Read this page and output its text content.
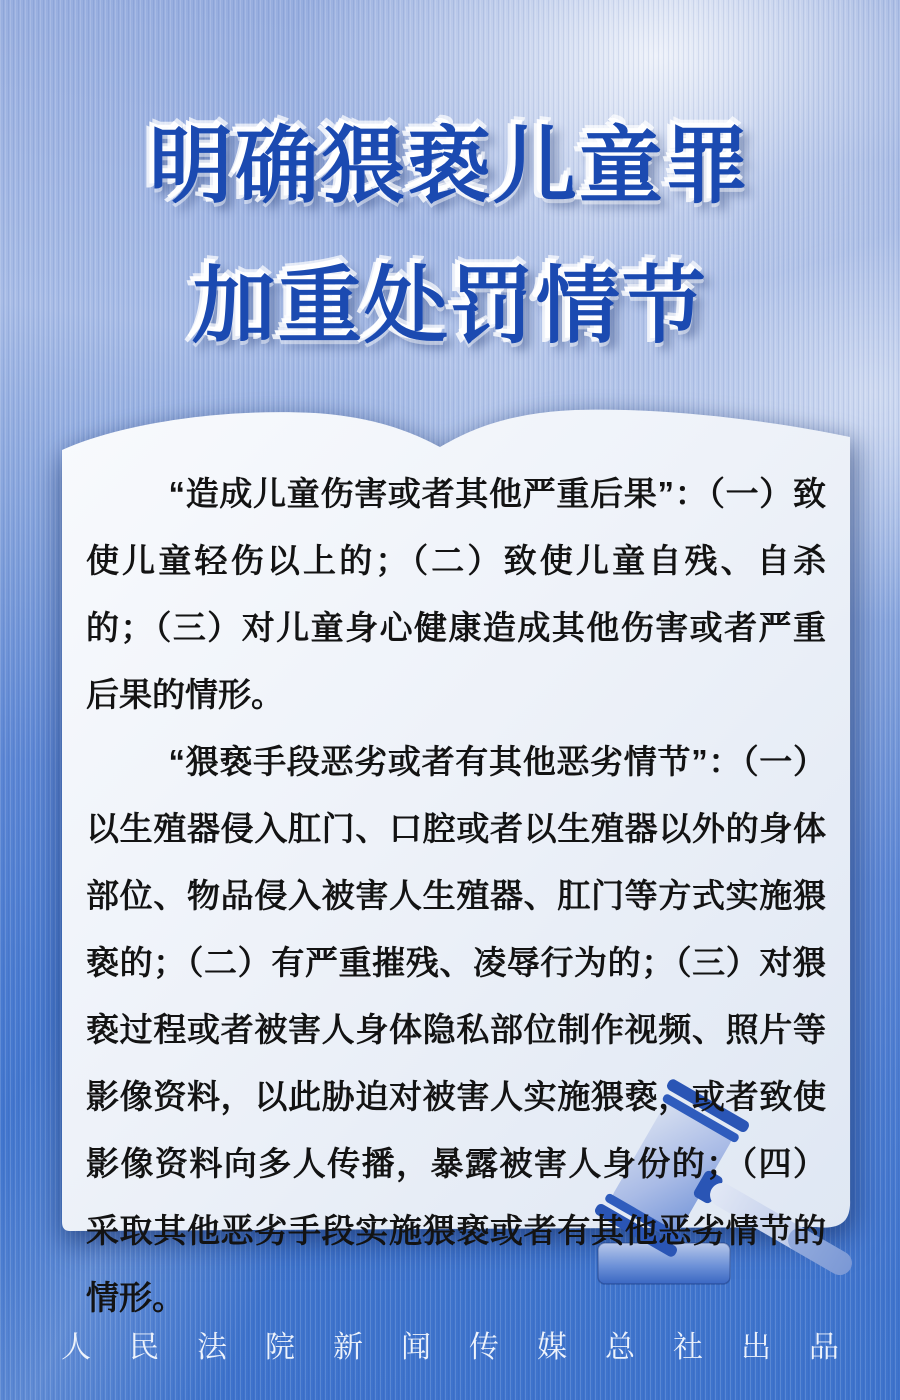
明确猥亵儿童罪
加重处罚情节

“造成儿童伤害或者其他严重后果”：（一）致使儿童轻伤以上的；（二）致使儿童自残、自杀的；（三）对儿童身心健康造成其他伤害或者严重后果的情形。

“猥亵手段恶劣或者有其他恶劣情节”：（一）以生殖器侵入肛门、口腔或者以生殖器以外的身体部位、物品侵入被害人生殖器、肛门等方式实施猥亵的；（二）有严重摧残、凌辱行为的；（三）对猥亵过程或者被害人身体隐私部位制作视频、照片等影像资料，以此胁迫对被害人实施猥亵，或者致使影像资料向多人传播，暴露被害人身份的；（四）采取其他恶劣手段实施猥亵或者有其他恶劣情节的情形。

人民法院新闻传媒总社出品
